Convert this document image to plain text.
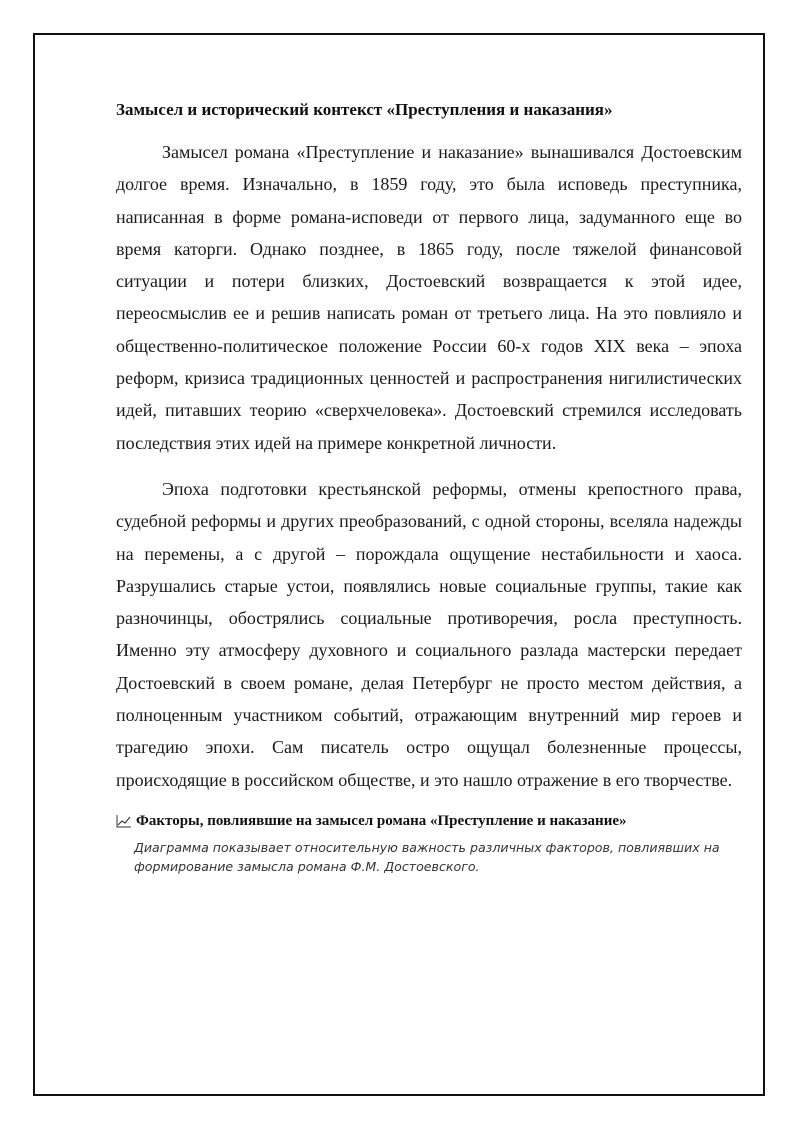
Замысел и исторический контекст «Преступления и наказания»

Замысел романа «Преступление и наказание» вынашивался Достоевским долгое время. Изначально, в 1859 году, это была исповедь преступника, написанная в форме романа-исповеди от первого лица, задуманного еще во время каторги. Однако позднее, в 1865 году, после тяжелой финансовой ситуации и потери близких, Достоевский возвращается к этой идее, переосмыслив ее и решив написать роман от третьего лица. На это повлияло и общественно-политическое положение России 60-х годов XIX века – эпоха реформ, кризиса традиционных ценностей и распространения нигилистических идей, питавших теорию «сверхчеловека». Достоевский стремился исследовать последствия этих идей на примере конкретной личности.

Эпоха подготовки крестьянской реформы, отмены крепостного права, судебной реформы и других преобразований, с одной стороны, вселяла надежды на перемены, а с другой – порождала ощущение нестабильности и хаоса. Разрушались старые устои, появлялись новые социальные группы, такие как разночинцы, обострялись социальные противоречия, росла преступность. Именно эту атмосферу духовного и социального разлада мастерски передает Достоевский в своем романе, делая Петербург не просто местом действия, а полноценным участником событий, отражающим внутренний мир героев и трагедию эпохи. Сам писатель остро ощущал болезненные процессы, происходящие в российском обществе, и это нашло отражение в его творчестве.

Факторы, повлиявшие на замысел романа «Преступление и наказание»
Диаграмма показывает относительную важность различных факторов, повлиявших на формирование замысла романа Ф.М. Достоевского.
